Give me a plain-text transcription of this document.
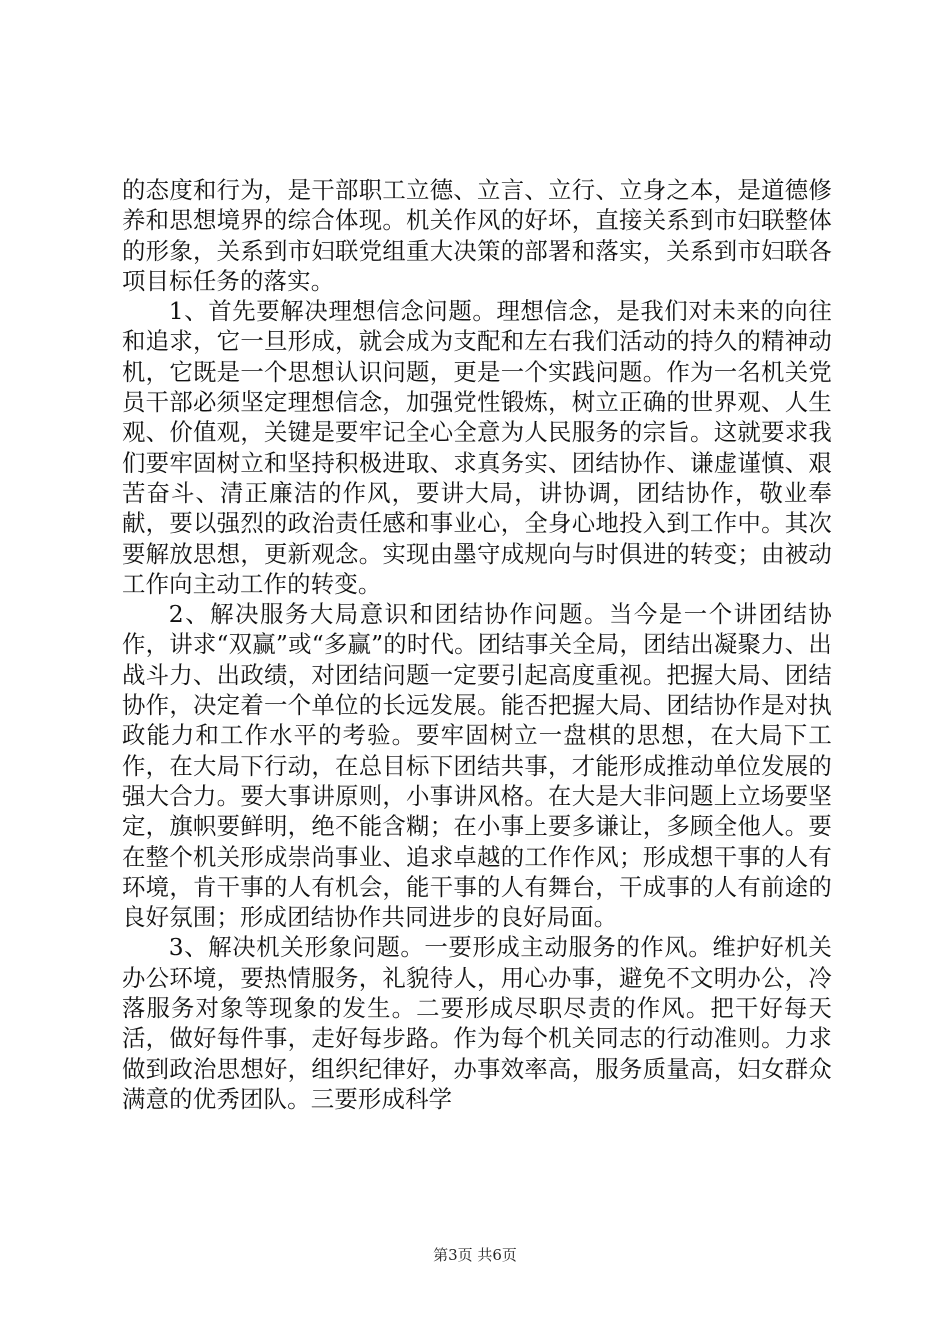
的态度和行为，是干部职工立德、立言、立行、立身之本，是道德修养和思想境界的综合体现。机关作风的好坏，直接关系到市妇联整体的形象，关系到市妇联党组重大决策的部署和落实，关系到市妇联各项目标任务的落实。

1、首先要解决理想信念问题。理想信念，是我们对未来的向往和追求，它一旦形成，就会成为支配和左右我们活动的持久的精神动机，它既是一个思想认识问题，更是一个实践问题。作为一名机关党员干部必须坚定理想信念，加强党性锻炼，树立正确的世界观、人生观、价值观，关键是要牢记全心全意为人民服务的宗旨。这就要求我们要牢固树立和坚持积极进取、求真务实、团结协作、谦虚谨慎、艰苦奋斗、清正廉洁的作风，要讲大局，讲协调，团结协作，敬业奉献，要以强烈的政治责任感和事业心，全身心地投入到工作中。其次要解放思想，更新观念。实现由墨守成规向与时俱进的转变；由被动工作向主动工作的转变。

2、解决服务大局意识和团结协作问题。当今是一个讲团结协作，讲求“双赢”或“多赢”的时代。团结事关全局，团结出凝聚力、出战斗力、出政绩，对团结问题一定要引起高度重视。把握大局、团结协作，决定着一个单位的长远发展。能否把握大局、团结协作是对执政能力和工作水平的考验。要牢固树立一盘棋的思想，在大局下工作，在大局下行动，在总目标下团结共事，才能形成推动单位发展的强大合力。要大事讲原则，小事讲风格。在大是大非问题上立场要坚定，旗帜要鲜明，绝不能含糊；在小事上要多谦让，多顾全他人。要在整个机关形成崇尚事业、追求卓越的工作作风；形成想干事的人有环境，肯干事的人有机会，能干事的人有舞台，干成事的人有前途的良好氛围；形成团结协作共同进步的良好局面。

3、解决机关形象问题。一要形成主动服务的作风。维护好机关办公环境，要热情服务，礼貌待人，用心办事，避免不文明办公，冷落服务对象等现象的发生。二要形成尽职尽责的作风。把干好每天活，做好每件事，走好每步路。作为每个机关同志的行动准则。力求做到政治思想好，组织纪律好，办事效率高，服务质量高，妇女群众满意的优秀团队。三要形成科学

第3页 共6页
